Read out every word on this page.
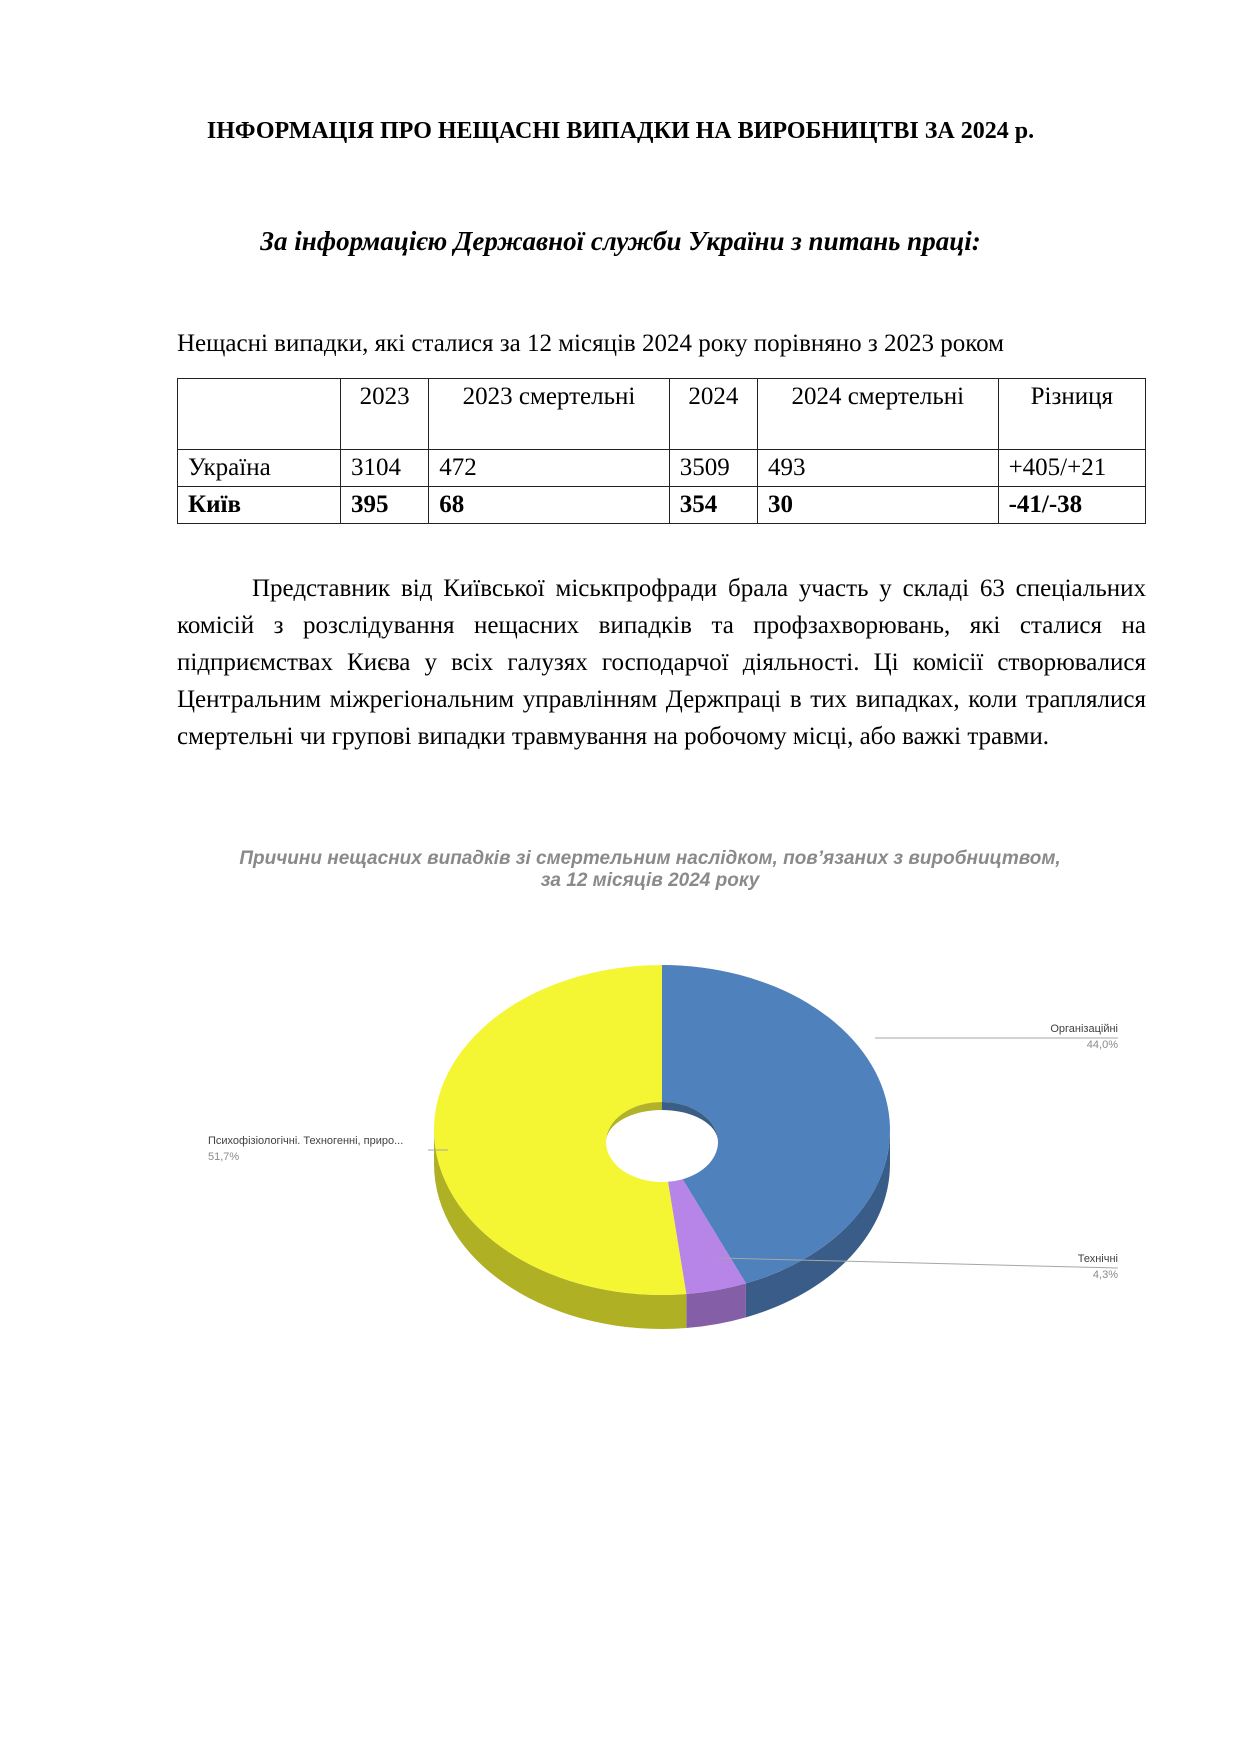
ІНФОРМАЦІЯ ПРО НЕЩАСНІ ВИПАДКИ НА ВИРОБНИЦТВІ ЗА 2024 р.
За інформацією Державної служби України з питань праці:
Нещасні випадки, які сталися за 12 місяців 2024 року порівняно з 2023 роком
	2023	2023 смертельні	2024	2024 смертельні	Різниця
Україна	3104	472	3509	493	+405/+21
Київ	395	68	354	30	-41/-38

Представник від Київської міськпрофради брала участь у складі 63 спеціальних комісій з розслідування нещасних випадків та профзахворювань, які сталися на підприємствах Києва у всіх галузях господарчої діяльності. Ці комісії створювалися Центральним міжрегіональним управлінням Держпраці в тих випадках, коли траплялися смертельні чи групові випадки травмування на робочому місці, або важкі травми.

Причини нещасних випадків зі смертельним наслідком, пов’язаних з виробництвом, за 12 місяців 2024 року
Організаційні
44,0%
Технічні
4,3%
Психофізіологічні. Техногенні, приро...
51,7%
